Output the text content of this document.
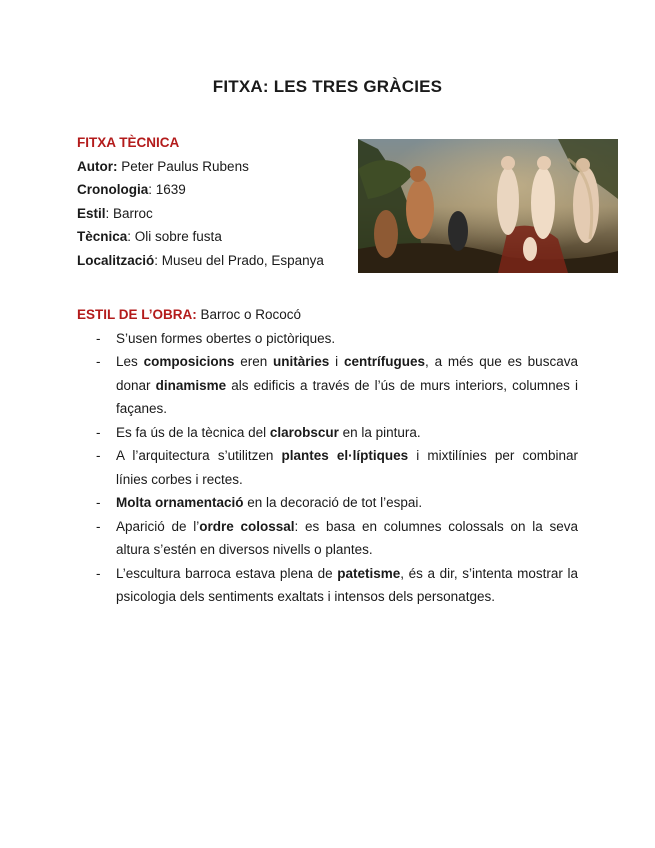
FITXA: LES TRES GRÀCIES
FITXA TÈCNICA
Autor: Peter Paulus Rubens
Cronologia: 1639
Estil: Barroc
Tècnica: Oli sobre fusta
Localització: Museu del Prado, Espanya

ESTIL DE L’OBRA: Barroc o Rococó

- S’usen formes obertes o pictòriques.
- Les composicions eren unitàries i centrífugues, a més que es buscava donar dinamisme als edificis a través de l’ús de murs interiors, columnes i façanes.
- Es fa ús de la tècnica del clarobscur en la pintura.
- A l’arquitectura s’utilitzen plantes el·líptiques i mixtilínies per combinar línies corbes i rectes.
- Molta ornamentació en la decoració de tot l’espai.
- Aparició de l’ordre colossal: es basa en columnes colossals on la seva altura s’estén en diversos nivells o plantes.
- L’escultura barroca estava plena de patetisme, és a dir, s’intenta mostrar la psicologia dels sentiments exaltats i intensos dels personatges.
